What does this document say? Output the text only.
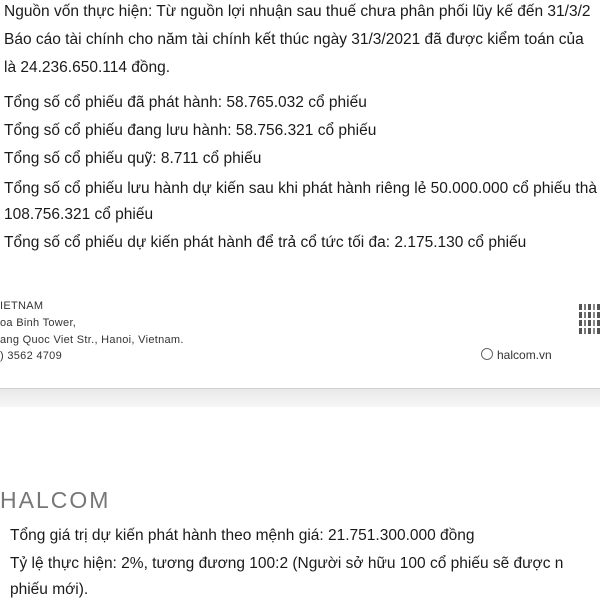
Nguồn vốn thực hiện: Từ nguồn lợi nhuận sau thuế chưa phân phối lũy kế đến 31/3/2
Báo cáo tài chính cho năm tài chính kết thúc ngày 31/3/2021 đã được kiểm toán của
là 24.236.650.114 đồng.
Tổng số cổ phiếu đã phát hành: 58.765.032 cổ phiếu
Tổng số cổ phiếu đang lưu hành: 58.756.321 cổ phiếu
Tổng số cổ phiếu quỹ: 8.711 cổ phiếu
Tổng số cổ phiếu lưu hành dự kiến sau khi phát hành riêng lẻ 50.000.000 cổ phiếu thà
108.756.321 cổ phiếu
Tổng số cổ phiếu dự kiến phát hành để trả cổ tức tối đa: 2.175.130 cổ phiếu
IETNAM
oa Binh Tower,
ang Quoc Viet Str., Hanoi, Vietnam.
) 3562 4709	halcom.vn
HALCOM
Tổng giá trị dự kiến phát hành theo mệnh giá: 21.751.300.000 đồng
Tỷ lệ thực hiện: 2%, tương đương 100:2 (Người sở hữu 100 cổ phiếu sẽ được n
phiếu mới).
